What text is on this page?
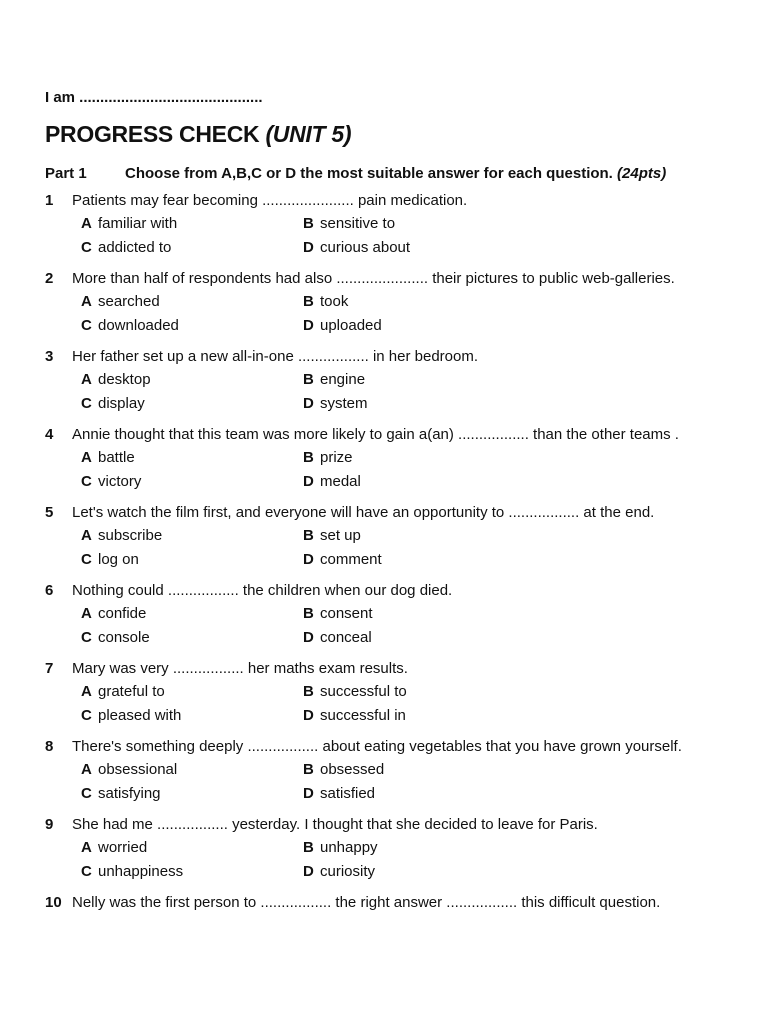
I am ............................................
PROGRESS CHECK (UNIT 5)
Part 1	Choose from A,B,C or D the most suitable answer for each question. (24pts)
1 Patients may fear becoming ...................... pain medication.
A familiar with	B sensitive to
C addicted to	D curious about
2 More than half of respondents had also ...................... their pictures to public web-galleries.
A searched	B took
C downloaded	D uploaded
3 Her father set up a new all-in-one ................. in her bedroom.
A desktop	B engine
C display	D system
4 Annie thought that this team was more likely to gain a(an) ................. than the other teams .
A battle	B prize
C victory	D medal
5 Let's watch the film first, and everyone will have an opportunity to ................. at the end.
A subscribe	B set up
C log on	D comment
6 Nothing could ................. the children when our dog died.
A confide	B consent
C console	D conceal
7 Mary was very ................. her maths exam results.
A grateful to	B successful to
C pleased with	D successful in
8 There's something deeply ................. about eating vegetables that you have grown yourself.
A obsessional	B obsessed
C satisfying	D satisfied
9 She had me ................. yesterday. I thought that she decided to leave for Paris.
A worried	B unhappy
C unhappiness	D curiosity
10 Nelly was the first person to ................. the right answer ................. this difficult question.
